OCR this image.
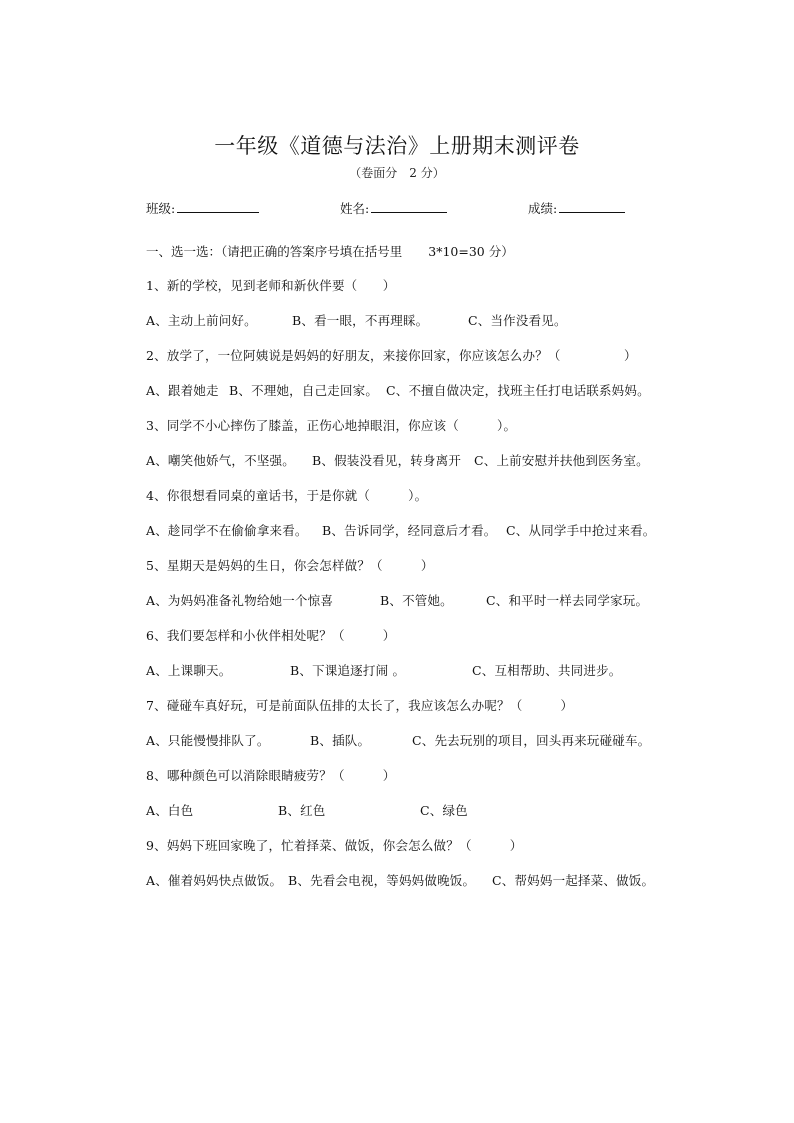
一年级《道德与法治》上册期末测评卷
（卷面分　2 分）
班级:	姓名:	成绩:
一、选一选：（请把正确的答案序号填在括号里 3*10=30 分）
1、新的学校，见到老师和新伙伴要（　　）
A、主动上前问好。	B、看一眼，不再理睬。	C、当作没看见。
2、放学了，一位阿姨说是妈妈的好朋友，来接你回家，你应该怎么办？（　　　　　）
A、跟着她走 B、不理她，自己走回家。 C、不擅自做决定，找班主任打电话联系妈妈。
3、同学不小心摔伤了膝盖，正伤心地掉眼泪，你应该（　　　）。
A、嘲笑他娇气，不坚强。 B、假装没看见，转身离开 C、上前安慰并扶他到医务室。
4、你很想看同桌的童话书，于是你就（　　　）。
A、趁同学不在偷偷拿来看。 B、告诉同学，经同意后才看。 C、从同学手中抢过来看。
5、星期天是妈妈的生日，你会怎样做？（　　　）
A、为妈妈准备礼物给她一个惊喜	B、不管她。	C、和平时一样去同学家玩。
6、我们要怎样和小伙伴相处呢？（　　　）
A、上课聊天。	B、下课追逐打闹 。	C、互相帮助、共同进步。
7、碰碰车真好玩，可是前面队伍排的太长了，我应该怎么办呢？（　　　）
A、只能慢慢排队了。	B、插队。	C、先去玩别的项目，回头再来玩碰碰车。
8、哪种颜色可以消除眼睛疲劳？（　　　）
A、白色	B、红色	C、绿色
9、妈妈下班回家晚了，忙着择菜、做饭，你会怎么做？（　　　）
A、催着妈妈快点做饭。 B、先看会电视，等妈妈做晚饭。 C、帮妈妈一起择菜、做饭。
